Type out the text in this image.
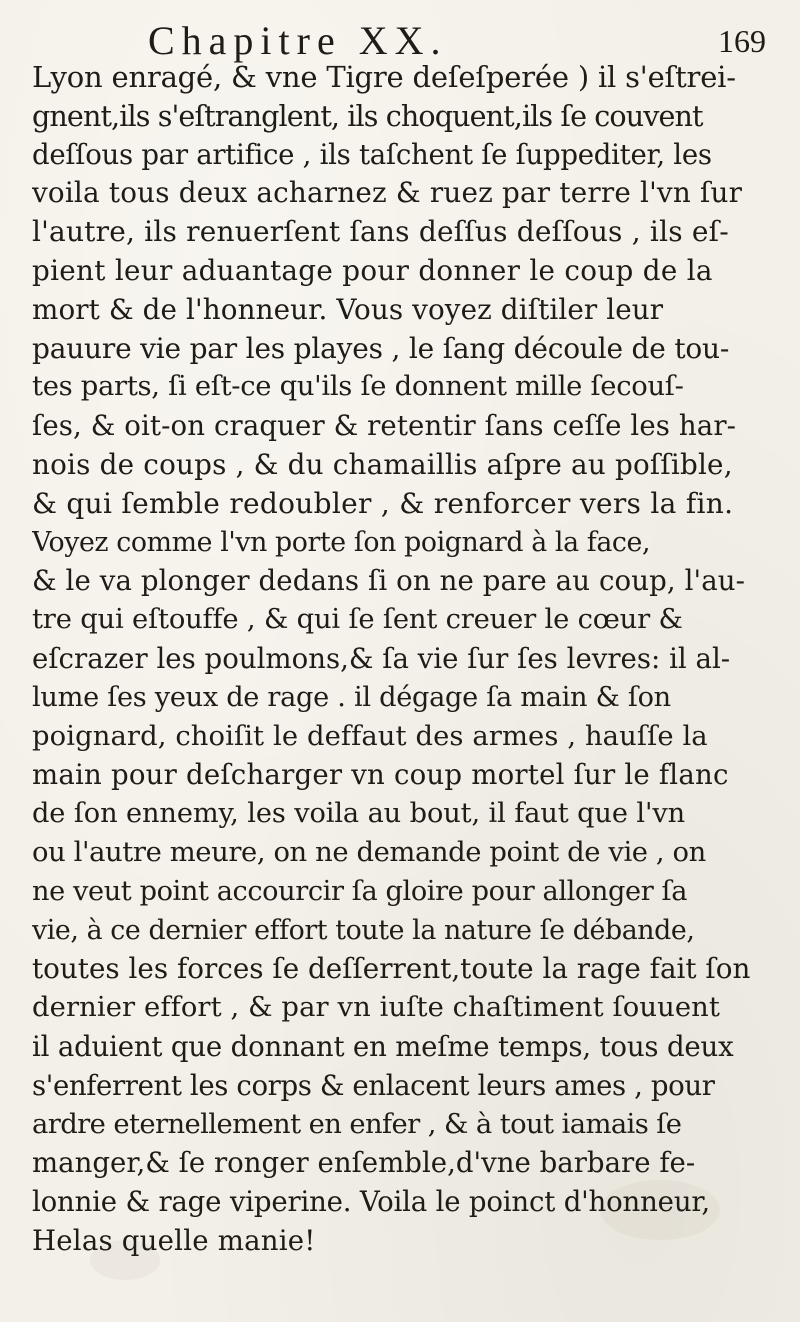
Chapitre XX.	169
Lyon enragé, & vne Tigre deſeſperée ) il s'eſtrei-
gnent,ils s'eſtranglent, ils choquent,ils ſe couvent
deſſous par artifice , ils taſchent ſe ſuppediter, les
voila tous deux acharnez & ruez par terre l'vn ſur
l'autre, ils renuerſent ſans deſſus deſſous , ils eſ-
pient leur aduantage pour donner le coup de la
mort & de l'honneur. Vous voyez diſtiler leur
pauure vie par les playes , le ſang découle de tou-
tes parts, ſi eſt-ce qu'ils ſe donnent mille ſecouſ-
ſes, & oit-on craquer & retentir ſans ceſſe les har-
nois de coups , & du chamaillis aſpre au poſſible,
& qui ſemble redoubler , & renforcer vers la fin.
Voyez comme l'vn porte ſon poignard à la face,
& le va plonger dedans ſi on ne pare au coup, l'au-
tre qui eſtouffe , & qui ſe ſent creuer le cœur &
eſcrazer les poulmons,& ſa vie ſur ſes levres: il al-
lume ſes yeux de rage . il dégage ſa main & ſon
poignard, choiſit le deffaut des armes , hauſſe la
main pour deſcharger vn coup mortel ſur le flanc
de ſon ennemy, les voila au bout, il faut que l'vn
ou l'autre meure, on ne demande point de vie , on
ne veut point accourcir ſa gloire pour allonger ſa
vie, à ce dernier effort toute la nature ſe débande,
toutes les forces ſe deſſerrent,toute la rage fait ſon
dernier effort , & par vn iuſte chaſtiment ſouuent
il aduient que donnant en meſme temps, tous deux
s'enferrent les corps & enlacent leurs ames , pour
ardre eternellement en enfer , & à tout iamais ſe
manger,& ſe ronger enſemble,d'vne barbare fe-
lonnie & rage viperine. Voila le poinct d'honneur,
Helas quelle manie!
